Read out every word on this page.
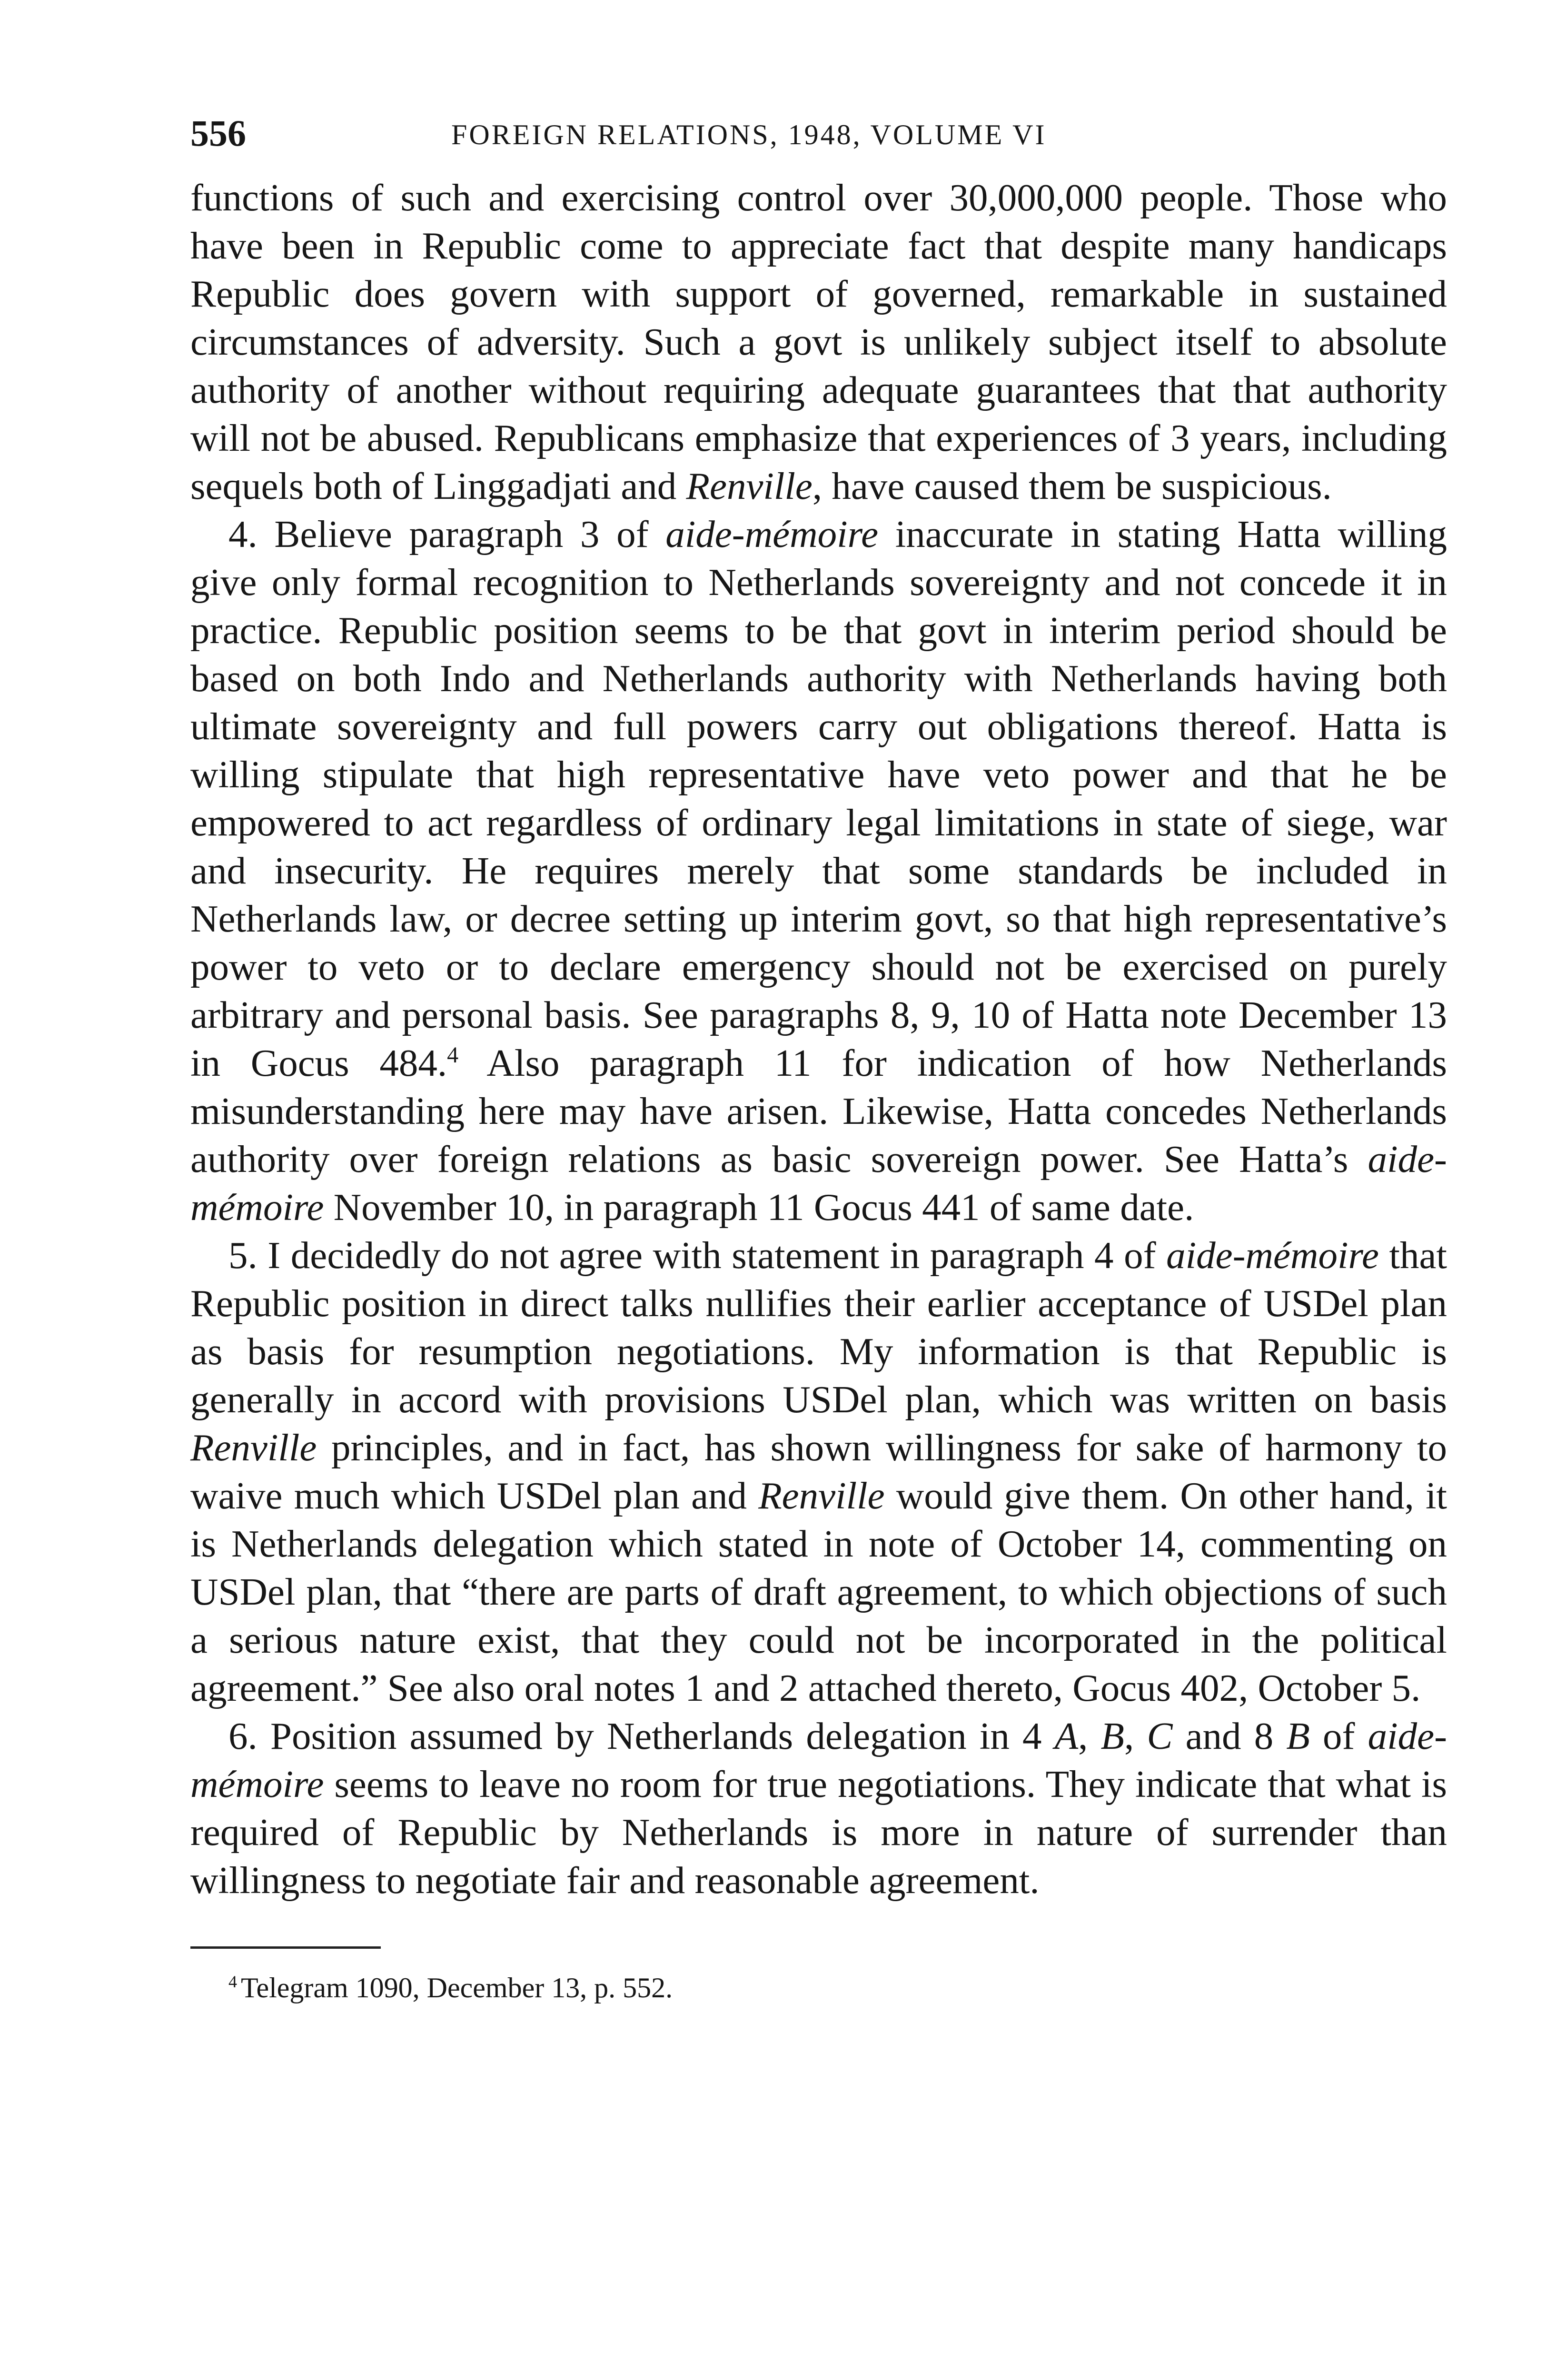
556	FOREIGN RELATIONS, 1948, VOLUME VI

functions of such and exercising control over 30,000,000 people. Those who have been in Republic come to appreciate fact that despite many handicaps Republic does govern with support of governed, remarkable in sustained circumstances of adversity. Such a govt is unlikely subject itself to absolute authority of another without requiring adequate guarantees that that authority will not be abused. Republicans emphasize that experiences of 3 years, including sequels both of Linggadjati and Renville, have caused them be suspicious.

4. Believe paragraph 3 of aide-mémoire inaccurate in stating Hatta willing give only formal recognition to Netherlands sovereignty and not concede it in practice. Republic position seems to be that govt in interim period should be based on both Indo and Netherlands authority with Netherlands having both ultimate sovereignty and full powers carry out obligations thereof. Hatta is willing stipulate that high representative have veto power and that he be empowered to act regardless of ordinary legal limitations in state of siege, war and insecurity. He requires merely that some standards be included in Netherlands law, or decree setting up interim govt, so that high representative’s power to veto or to declare emergency should not be exercised on purely arbitrary and personal basis. See paragraphs 8, 9, 10 of Hatta note December 13 in Gocus 484.$^4$ Also paragraph 11 for indication of how Netherlands misunderstanding here may have arisen. Likewise, Hatta concedes Netherlands authority over foreign relations as basic sovereign power. See Hatta’s aide-mémoire November 10, in paragraph 11 Gocus 441 of same date.

5. I decidedly do not agree with statement in paragraph 4 of aide-mémoire that Republic position in direct talks nullifies their earlier acceptance of USDel plan as basis for resumption negotiations. My information is that Republic is generally in accord with provisions USDel plan, which was written on basis Renville principles, and in fact, has shown willingness for sake of harmony to waive much which USDel plan and Renville would give them. On other hand, it is Netherlands delegation which stated in note of October 14, commenting on USDel plan, that “there are parts of draft agreement, to which objections of such a serious nature exist, that they could not be incorporated in the political agreement.” See also oral notes 1 and 2 attached thereto, Gocus 402, October 5.

6. Position assumed by Netherlands delegation in 4 A, B, C and 8 B of aide-mémoire seems to leave no room for true negotiations. They indicate that what is required of Republic by Netherlands is more in nature of surrender than willingness to negotiate fair and reasonable agreement.

$^4$ Telegram 1090, December 13, p. 552.
